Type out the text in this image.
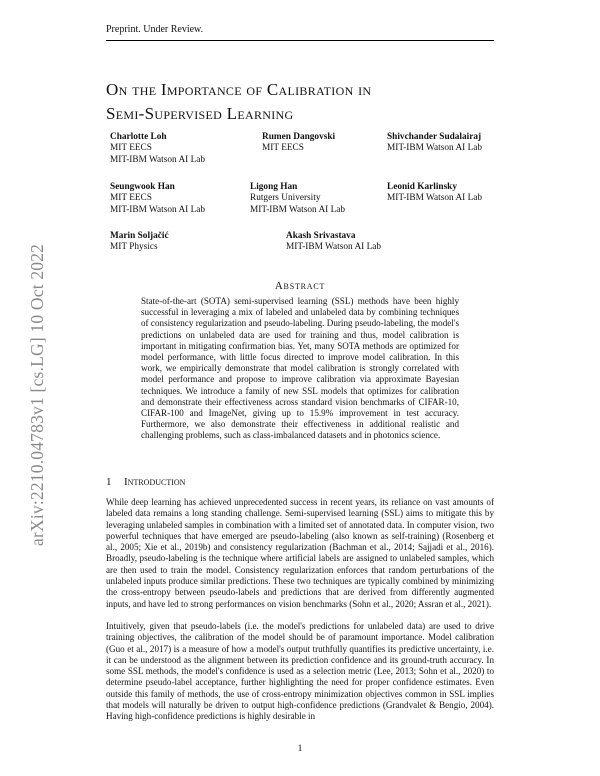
Preprint. Under Review.
arXiv:2210.04783v1 [cs.LG] 10 Oct 2022
On the Importance of Calibration in
Semi-Supervised Learning
Charlotte Loh
MIT EECS
MIT-IBM Watson AI Lab
Rumen Dangovski
MIT EECS
Shivchander Sudalairaj
MIT-IBM Watson AI Lab
Seungwook Han
MIT EECS
MIT-IBM Watson AI Lab
Ligong Han
Rutgers University
MIT-IBM Watson AI Lab
Leonid Karlinsky
MIT-IBM Watson AI Lab
Marin Soljačić
MIT Physics
Akash Srivastava
MIT-IBM Watson AI Lab
Abstract
State-of-the-art (SOTA) semi-supervised learning (SSL) methods have been highly successful in leveraging a mix of labeled and unlabeled data by combining techniques of consistency regularization and pseudo-labeling. During pseudo-labeling, the model's predictions on unlabeled data are used for training and thus, model calibration is important in mitigating confirmation bias. Yet, many SOTA methods are optimized for model performance, with little focus directed to improve model calibration. In this work, we empirically demonstrate that model calibration is strongly correlated with model performance and propose to improve calibration via approximate Bayesian techniques. We introduce a family of new SSL models that optimizes for calibration and demonstrate their effectiveness across standard vision benchmarks of CIFAR-10, CIFAR-100 and ImageNet, giving up to 15.9% improvement in test accuracy. Furthermore, we also demonstrate their effectiveness in additional realistic and challenging problems, such as class-imbalanced datasets and in photonics science.
1 Introduction
While deep learning has achieved unprecedented success in recent years, its reliance on vast amounts of labeled data remains a long standing challenge. Semi-supervised learning (SSL) aims to mitigate this by leveraging unlabeled samples in combination with a limited set of annotated data. In computer vision, two powerful techniques that have emerged are pseudo-labeling (also known as self-training) (Rosenberg et al., 2005; Xie et al., 2019b) and consistency regularization (Bachman et al., 2014; Sajjadi et al., 2016). Broadly, pseudo-labeling is the technique where artificial labels are assigned to unlabeled samples, which are then used to train the model. Consistency regularization enforces that random perturbations of the unlabeled inputs produce similar predictions. These two techniques are typically combined by minimizing the cross-entropy between pseudo-labels and predictions that are derived from differently augmented inputs, and have led to strong performances on vision benchmarks (Sohn et al., 2020; Assran et al., 2021).
Intuitively, given that pseudo-labels (i.e. the model's predictions for unlabeled data) are used to drive training objectives, the calibration of the model should be of paramount importance. Model calibration (Guo et al., 2017) is a measure of how a model's output truthfully quantifies its predictive uncertainty, i.e. it can be understood as the alignment between its prediction confidence and its ground-truth accuracy. In some SSL methods, the model's confidence is used as a selection metric (Lee, 2013; Sohn et al., 2020) to determine pseudo-label acceptance, further highlighting the need for proper confidence estimates. Even outside this family of methods, the use of cross-entropy minimization objectives common in SSL implies that models will naturally be driven to output high-confidence predictions (Grandvalet & Bengio, 2004). Having high-confidence predictions is highly desirable in
1
